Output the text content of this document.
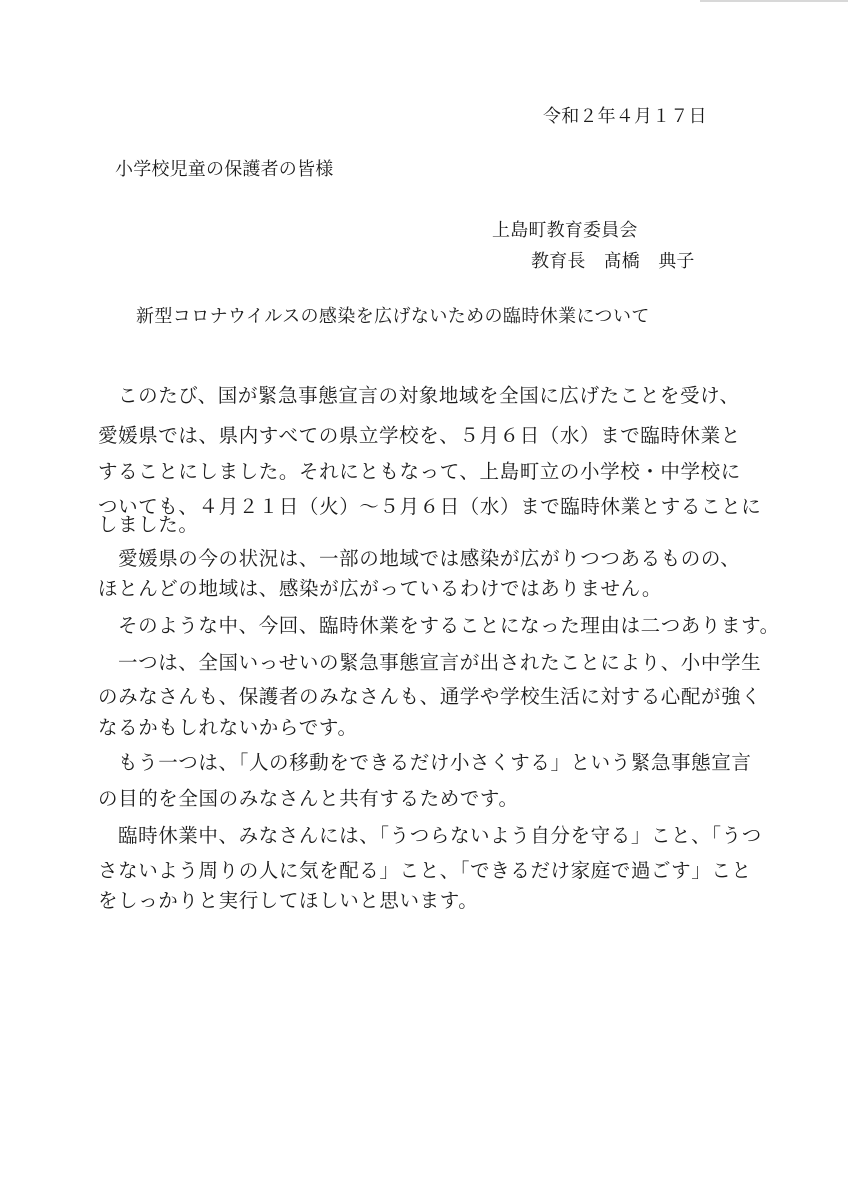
令和２年４月１７日
小学校児童の保護者の皆様
上島町教育委員会
教育長 髙橋　典子
新型コロナウイルスの感染を広げないための臨時休業について
このたび、国が緊急事態宣言の対象地域を全国に広げたことを受け、
愛媛県では、県内すべての県立学校を、５月６日（水）まで臨時休業と
することにしました。それにともなって、上島町立の小学校・中学校に
ついても、４月２１日（火）～５月６日（水）まで臨時休業とすることに
しました。
愛媛県の今の状況は、一部の地域では感染が広がりつつあるものの、
ほとんどの地域は、感染が広がっているわけではありません。
そのような中、今回、臨時休業をすることになった理由は二つあります。
一つは、全国いっせいの緊急事態宣言が出されたことにより、小中学生
のみなさんも、保護者のみなさんも、通学や学校生活に対する心配が強く
なるかもしれないからです。
もう一つは、「人の移動をできるだけ小さくする」という緊急事態宣言
の目的を全国のみなさんと共有するためです。
臨時休業中、みなさんには、「うつらないよう自分を守る」こと、「うつ
さないよう周りの人に気を配る」こと、「できるだけ家庭で過ごす」こと
をしっかりと実行してほしいと思います。
